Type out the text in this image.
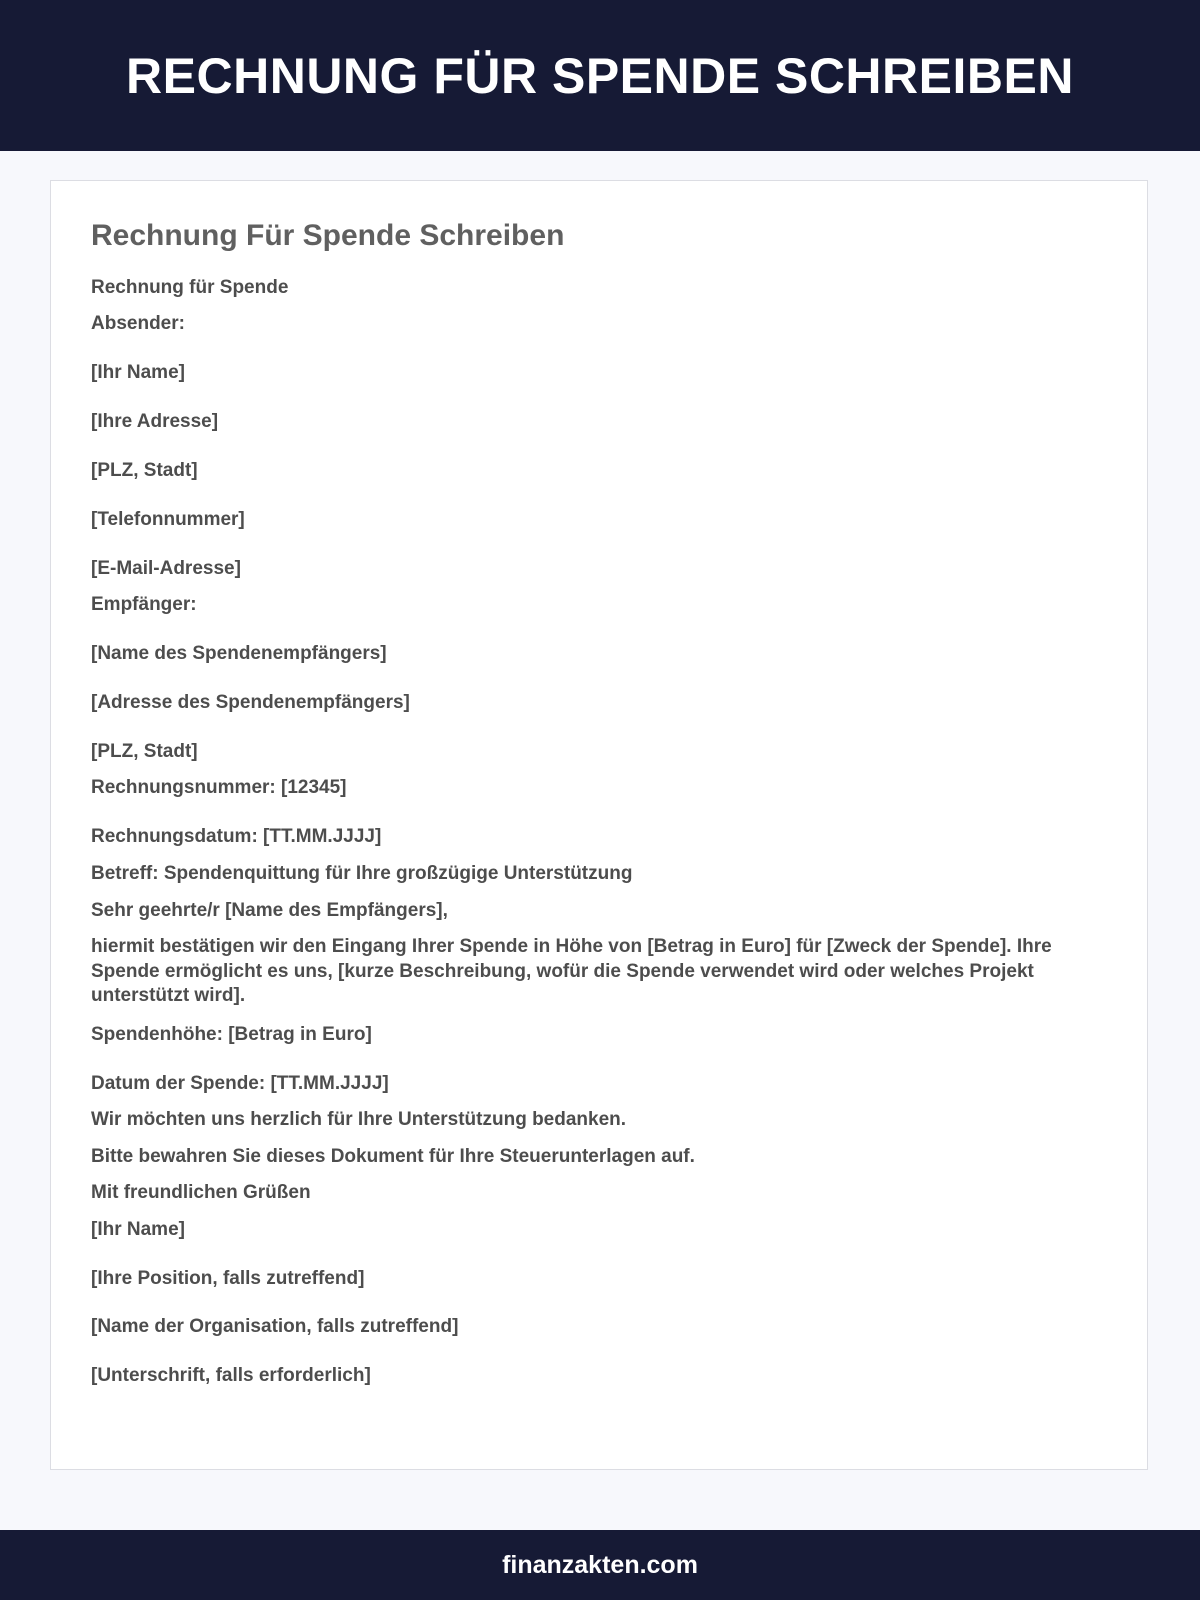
RECHNUNG FÜR SPENDE SCHREIBEN
Rechnung Für Spende Schreiben

Rechnung für Spende

Absender:

[Ihr Name]

[Ihre Adresse]

[PLZ, Stadt]

[Telefonnummer]

[E-Mail-Adresse]

Empfänger:

[Name des Spendenempfängers]

[Adresse des Spendenempfängers]

[PLZ, Stadt]

Rechnungsnummer: [12345]

Rechnungsdatum: [TT.MM.JJJJ]

Betreff: Spendenquittung für Ihre großzügige Unterstützung

Sehr geehrte/r [Name des Empfängers],

hiermit bestätigen wir den Eingang Ihrer Spende in Höhe von [Betrag in Euro] für [Zweck der Spende]. Ihre Spende ermöglicht es uns, [kurze Beschreibung, wofür die Spende verwendet wird oder welches Projekt unterstützt wird].

Spendenhöhe: [Betrag in Euro]

Datum der Spende: [TT.MM.JJJJ]

Wir möchten uns herzlich für Ihre Unterstützung bedanken.

Bitte bewahren Sie dieses Dokument für Ihre Steuerunterlagen auf.

Mit freundlichen Grüßen

[Ihr Name]

[Ihre Position, falls zutreffend]

[Name der Organisation, falls zutreffend]

[Unterschrift, falls erforderlich]

finanzakten.com
